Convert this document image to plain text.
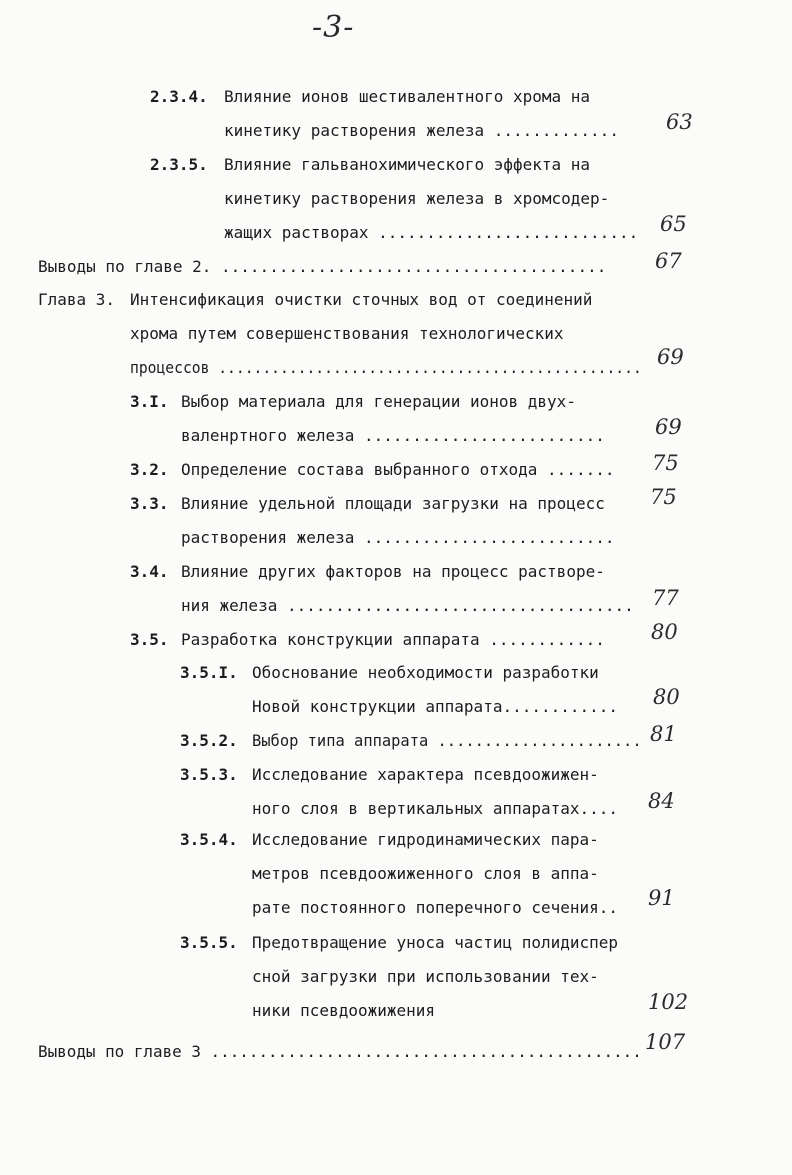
-3-
2.3.4. Влияние ионов шестивалентного хрома на
кинетику растворения железа ............. 63
2.3.5. Влияние гальванохимического эффекта на
кинетику растворения железа в хромсодер-
жащих растворах ........................... 65
Выводы по главе 2. ........................................ 67
Глава 3. Интенсификация очистки сточных вод от соединений
хрома путем совершенствования технологических
процессов ................................................ 69
3.I. Выбор материала для генерации ионов двух-
валенртного железа ......................... 69
3.2. Определение состава выбранного отхода ....... 75
3.3. Влияние удельной площади загрузки на процесс
растворения железа ..........................
75
3.4. Влияние других факторов на процесс растворе-
ния железа .................................... 77
3.5. Разработка конструкции аппарата ............ 80
3.5.I. Обоснование необходимости разработки
Новой конструкции аппарата............ 80
3.5.2. Выбор типа аппарата ...................... 81
3.5.3. Исследование характера псевдоожижен-
ного слоя в вертикальных аппаратах.... 84
3.5.4. Исследование гидродинамических пара-
метров псевдоожиженного слоя в аппа-
рате постоянного поперечного сечения.. 91
3.5.5. Предотвращение уноса частиц полидиспер
сной загрузки при использовании тех-
ники псевдоожижения	102
Выводы по главе 3 ............................................. 107
